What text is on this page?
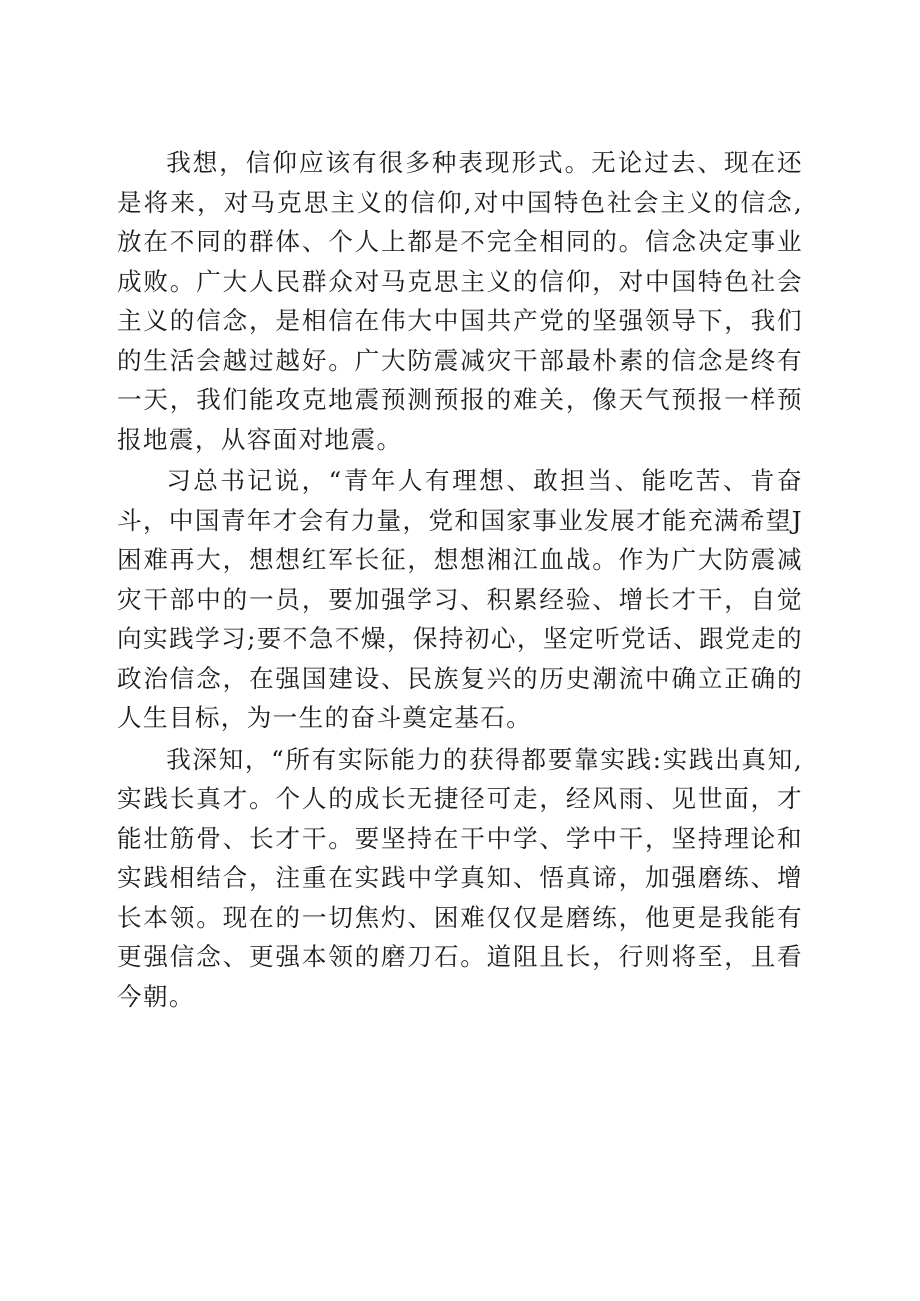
我想，信仰应该有很多种表现形式。无论过去、现在还是将来，对马克思主义的信仰,对中国特色社会主义的信念,放在不同的群体、个人上都是不完全相同的。信念决定事业成败。广大人民群众对马克思主义的信仰，对中国特色社会主义的信念，是相信在伟大中国共产党的坚强领导下，我们的生活会越过越好。广大防震减灾干部最朴素的信念是终有一天，我们能攻克地震预测预报的难关，像天气预报一样预报地震，从容面对地震。

习总书记说，“青年人有理想、敢担当、能吃苦、肯奋斗，中国青年才会有力量，党和国家事业发展才能充满希望J困难再大，想想红军长征，想想湘江血战。作为广大防震减灾干部中的一员，要加强学习、积累经验、增长才干，自觉向实践学习;要不急不燥，保持初心，坚定听党话、跟党走的政治信念，在强国建设、民族复兴的历史潮流中确立正确的人生目标，为一生的奋斗奠定基石。

我深知，“所有实际能力的获得都要靠实践:实践出真知,实践长真才。个人的成长无捷径可走，经风雨、见世面，才能壮筋骨、长才干。要坚持在干中学、学中干，坚持理论和实践相结合，注重在实践中学真知、悟真谛，加强磨练、增长本领。现在的一切焦灼、困难仅仅是磨练，他更是我能有更强信念、更强本领的磨刀石。道阻且长，行则将至，且看今朝。
